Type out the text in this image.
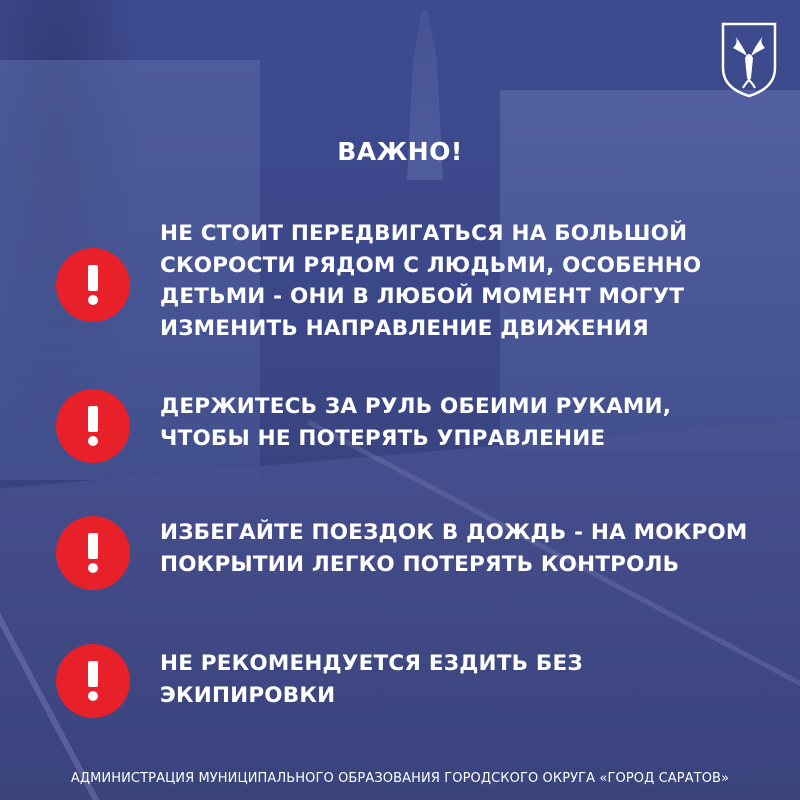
ВАЖНО!
НЕ СТОИТ ПЕРЕДВИГАТЬСЯ НА БОЛЬШОЙ
СКОРОСТИ РЯДОМ С ЛЮДЬМИ, ОСОБЕННО
ДЕТЬМИ - ОНИ В ЛЮБОЙ МОМЕНТ МОГУТ
ИЗМЕНИТЬ НАПРАВЛЕНИЕ ДВИЖЕНИЯ
ДЕРЖИТЕСЬ ЗА РУЛЬ ОБЕИМИ РУКАМИ,
ЧТОБЫ НЕ ПОТЕРЯТЬ УПРАВЛЕНИЕ
ИЗБЕГАЙТЕ ПОЕЗДОК В ДОЖДЬ - НА МОКРОМ
ПОКРЫТИИ ЛЕГКО ПОТЕРЯТЬ КОНТРОЛЬ
НЕ РЕКОМЕНДУЕТСЯ ЕЗДИТЬ БЕЗ
ЭКИПИРОВКИ
АДМИНИСТРАЦИЯ МУНИЦИПАЛЬНОГО ОБРАЗОВАНИЯ ГОРОДСКОГО ОКРУГА «ГОРОД САРАТОВ»
